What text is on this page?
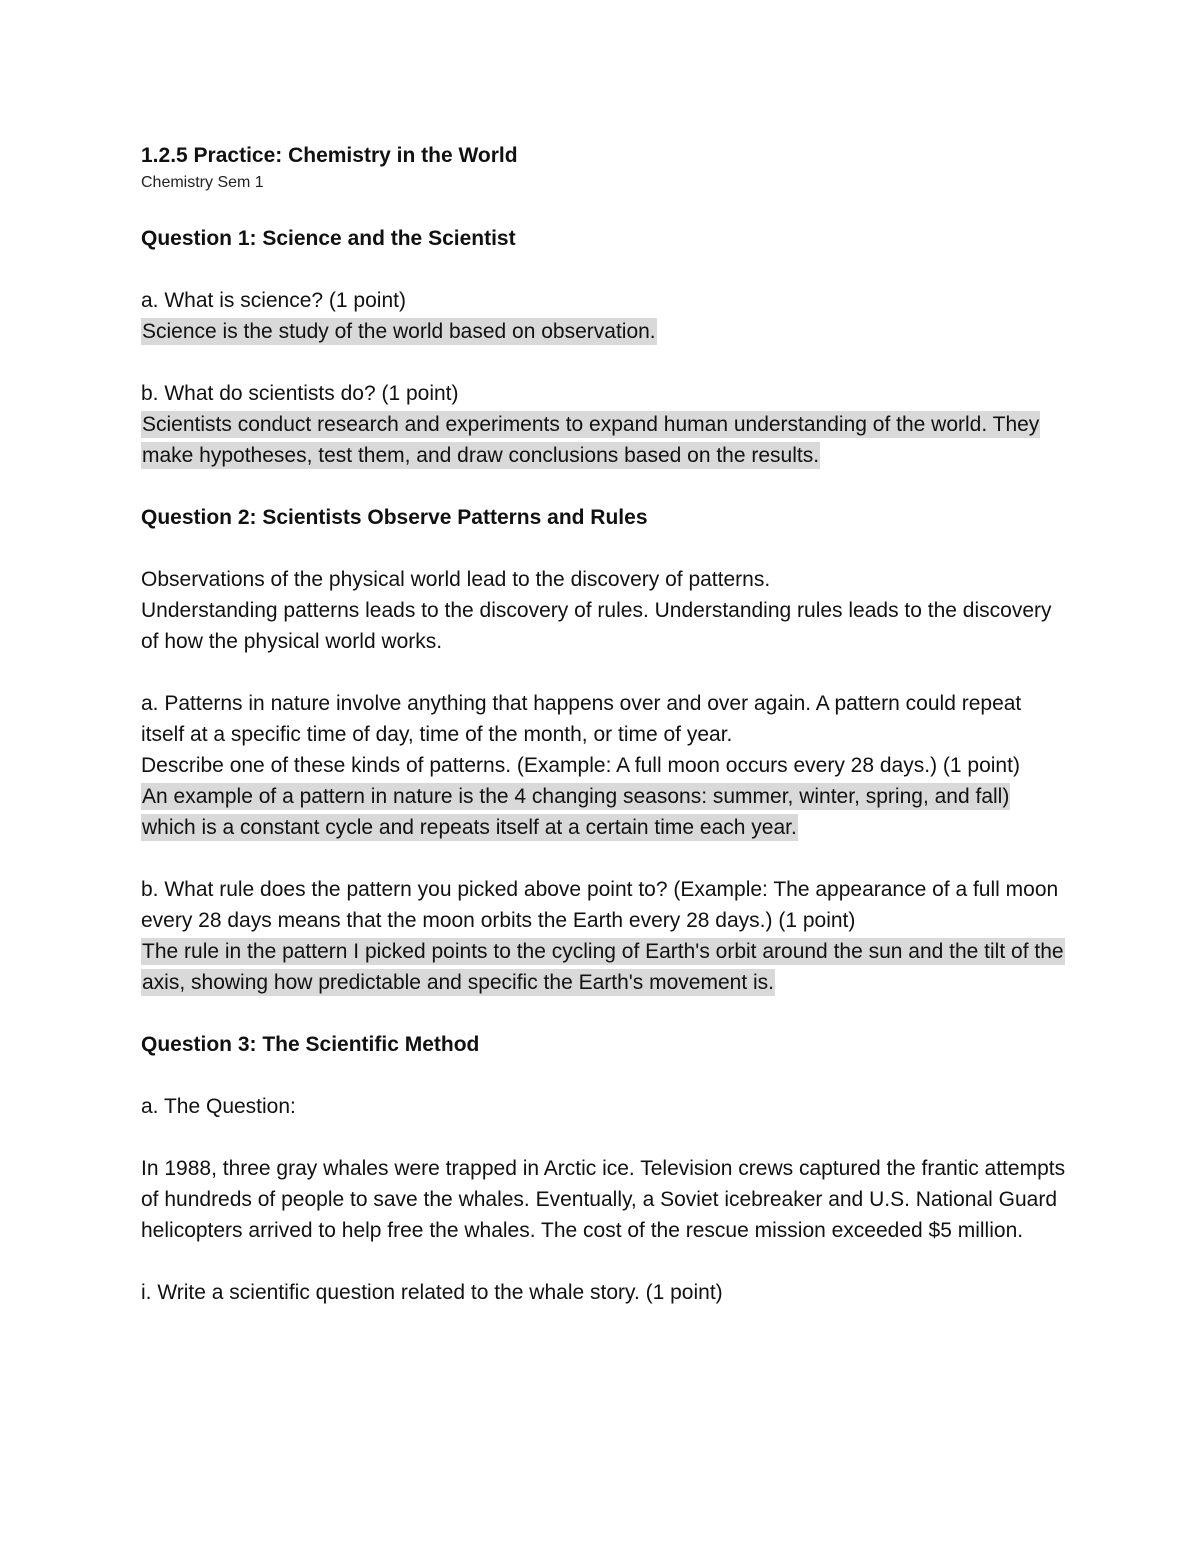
1.2.5 Practice: Chemistry in the World

Chemistry Sem 1

Question 1: Science and the Scientist

a. What is science? (1 point)

Science is the study of the world based on observation.

b. What do scientists do? (1 point)

Scientists conduct research and experiments to expand human understanding of the world. They make hypotheses, test them, and draw conclusions based on the results.

Question 2: Scientists Observe Patterns and Rules

Observations of the physical world lead to the discovery of patterns.

Understanding patterns leads to the discovery of rules. Understanding rules leads to the discovery of how the physical world works.

a. Patterns in nature involve anything that happens over and over again. A pattern could repeat itself at a specific time of day, time of the month, or time of year.

Describe one of these kinds of patterns. (Example: A full moon occurs every 28 days.) (1 point)

An example of a pattern in nature is the 4 changing seasons: summer, winter, spring, and fall) which is a constant cycle and repeats itself at a certain time each year.

b. What rule does the pattern you picked above point to? (Example: The appearance of a full moon every 28 days means that the moon orbits the Earth every 28 days.) (1 point)

The rule in the pattern I picked points to the cycling of Earth's orbit around the sun and the tilt of the axis, showing how predictable and specific the Earth's movement is.

Question 3: The Scientific Method

a. The Question:

In 1988, three gray whales were trapped in Arctic ice. Television crews captured the frantic attempts of hundreds of people to save the whales. Eventually, a Soviet icebreaker and U.S. National Guard helicopters arrived to help free the whales. The cost of the rescue mission exceeded $5 million.

i. Write a scientific question related to the whale story. (1 point)
